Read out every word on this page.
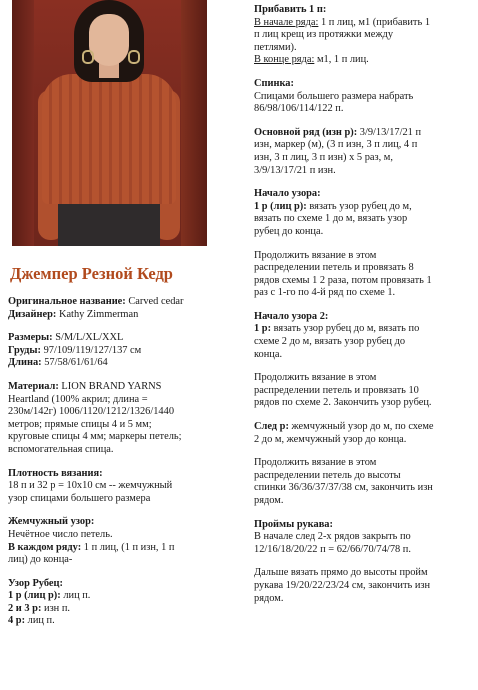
Джемпер Резной Кедр

Оригинальное название: Carved cedar

Дизайнер: Kathy Zimmerman

Размеры: S/M/L/XL/XXL

Груды: 97/109/119/127/137 см

Длина: 57/58/61/61/64

Материал: LION BRAND YARNS

Heartland (100% акрил; длина =

230м/142г) 1006/1120/1212/1326/1440

метров; прямые спицы 4 и 5 мм;

круговые спицы 4 мм; маркеры петель;

вспомогательная спица.

Плотность вязания:

18 п и 32 р = 10x10 см -- жемчужный

узор спицами большего размера

Жемчужный узор:

Нечётное число петель.

В каждом ряду: 1 п лиц, (1 п изн, 1 п

лиц) до конца-

Узор Рубец:

1 р (лиц р): лиц п.

2 и 3 р: изн п.

4 р: лиц п.

Прибавить 1 п:

В начале ряда: 1 п лиц, м1 (прибавить 1

п лиц крещ из протяжки между

петлями).

В конце ряда: м1, 1 п лиц.

Спинка:

Спицами большего размера набрать

86/98/106/114/122 п.

Основной ряд (изн р): 3/9/13/17/21 п

изн, маркер (м), (3 п изн, 3 п лиц, 4 п

изн, 3 п лиц, 3 п изн) х 5 раз, м,

3/9/13/17/21 п изн.

Начало узора:

1 р (лиц р): вязать узор рубец до м,

вязать по схеме 1 до м, вязать узор

рубец до конца.

Продолжить вязание в этом

распределении петель и провязать 8

рядов схемы 1 2 раза, потом провязать 1

раз с 1-го по 4-й ряд по схеме 1.

Начало узора 2:

1 р: вязать узор рубец до м, вязать по

схеме 2 до м, вязать узор рубец до

конца.

Продолжить вязание в этом

распределении петель и провязать 10

рядов по схеме 2. Закончить узор рубец.

След р: жемчужный узор до м, по схеме

2 до м, жемчужный узор до конца.

Продолжить вязание в этом

распределении петель до высоты

спинки 36/36/37/37/38 см, закончить изн

рядом.

Проймы рукава:

В начале след 2-х рядов закрыть по

12/16/18/20/22 п = 62/66/70/74/78 п.

Дальше вязать прямо до высоты пройм

рукава 19/20/22/23/24 см, закончить изн

рядом.
